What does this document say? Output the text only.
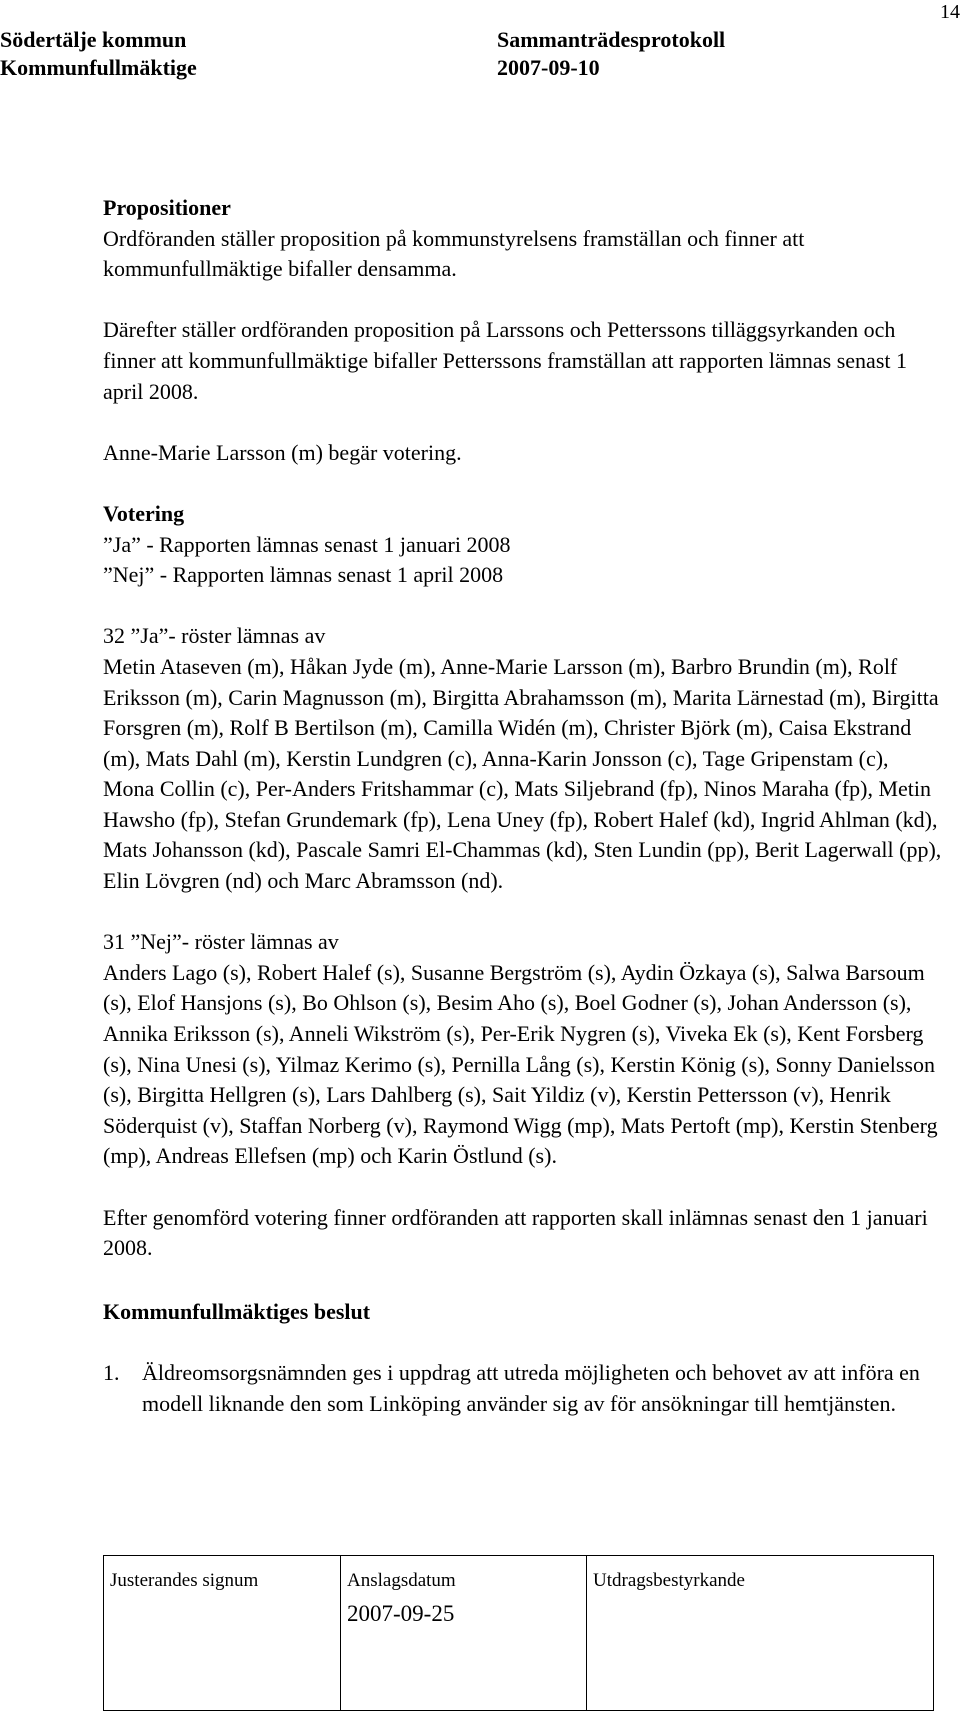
14
Södertälje kommun
Kommunfullmäktige
Sammanträdesprotokoll
2007-09-10

Propositioner

Ordföranden ställer proposition på kommunstyrelsens framställan och finner att kommunfullmäktige bifaller densamma.

Därefter ställer ordföranden proposition på Larssons och Petterssons tilläggsyrkanden och finner att kommunfullmäktige bifaller Petterssons framställan att rapporten lämnas senast 1 april 2008.

Anne-Marie Larsson (m) begär votering.

Votering

”Ja” - Rapporten lämnas senast 1 januari 2008

”Nej” - Rapporten lämnas senast 1 april 2008

32 ”Ja”- röster lämnas av

Metin Ataseven (m), Håkan Jyde (m), Anne-Marie Larsson (m), Barbro Brundin (m), Rolf Eriksson (m), Carin Magnusson (m), Birgitta Abrahamsson (m), Marita Lärnestad (m), Birgitta Forsgren (m), Rolf B Bertilson (m), Camilla Widén (m), Christer Björk (m), Caisa Ekstrand (m), Mats Dahl (m), Kerstin Lundgren (c), Anna-Karin Jonsson (c), Tage Gripenstam (c), Mona Collin (c), Per-Anders Fritshammar (c), Mats Siljebrand (fp), Ninos Maraha (fp), Metin Hawsho (fp), Stefan Grundemark (fp), Lena Uney (fp), Robert Halef (kd), Ingrid Ahlman (kd), Mats Johansson (kd), Pascale Samri El-Chammas (kd), Sten Lundin (pp), Berit Lagerwall (pp), Elin Lövgren (nd) och Marc Abramsson (nd).

31 ”Nej”- röster lämnas av

Anders Lago (s), Robert Halef (s), Susanne Bergström (s), Aydin Özkaya (s), Salwa Barsoum (s), Elof Hansjons (s), Bo Ohlson (s), Besim Aho (s), Boel Godner (s), Johan Andersson (s), Annika Eriksson (s), Anneli Wikström (s), Per-Erik Nygren (s), Viveka Ek (s), Kent Forsberg (s), Nina Unesi (s), Yilmaz Kerimo (s), Pernilla Lång (s), Kerstin König (s), Sonny Danielsson (s), Birgitta Hellgren (s), Lars Dahlberg (s), Sait Yildiz (v), Kerstin Pettersson (v), Henrik Söderquist (v), Staffan Norberg (v), Raymond Wigg (mp), Mats Pertoft (mp), Kerstin Stenberg (mp), Andreas Ellefsen (mp) och Karin Östlund (s).

Efter genomförd votering finner ordföranden att rapporten skall inlämnas senast den 1 januari 2008.

Kommunfullmäktiges beslut

1. Äldreomsorgsnämnden ges i uppdrag att utreda möjligheten och behovet av att införa en modell liknande den som Linköping använder sig av för ansökningar till hemtjänsten.
Justerandes signum	Anslagsdatum
2007-09-25
Utdragsbestyrkande
